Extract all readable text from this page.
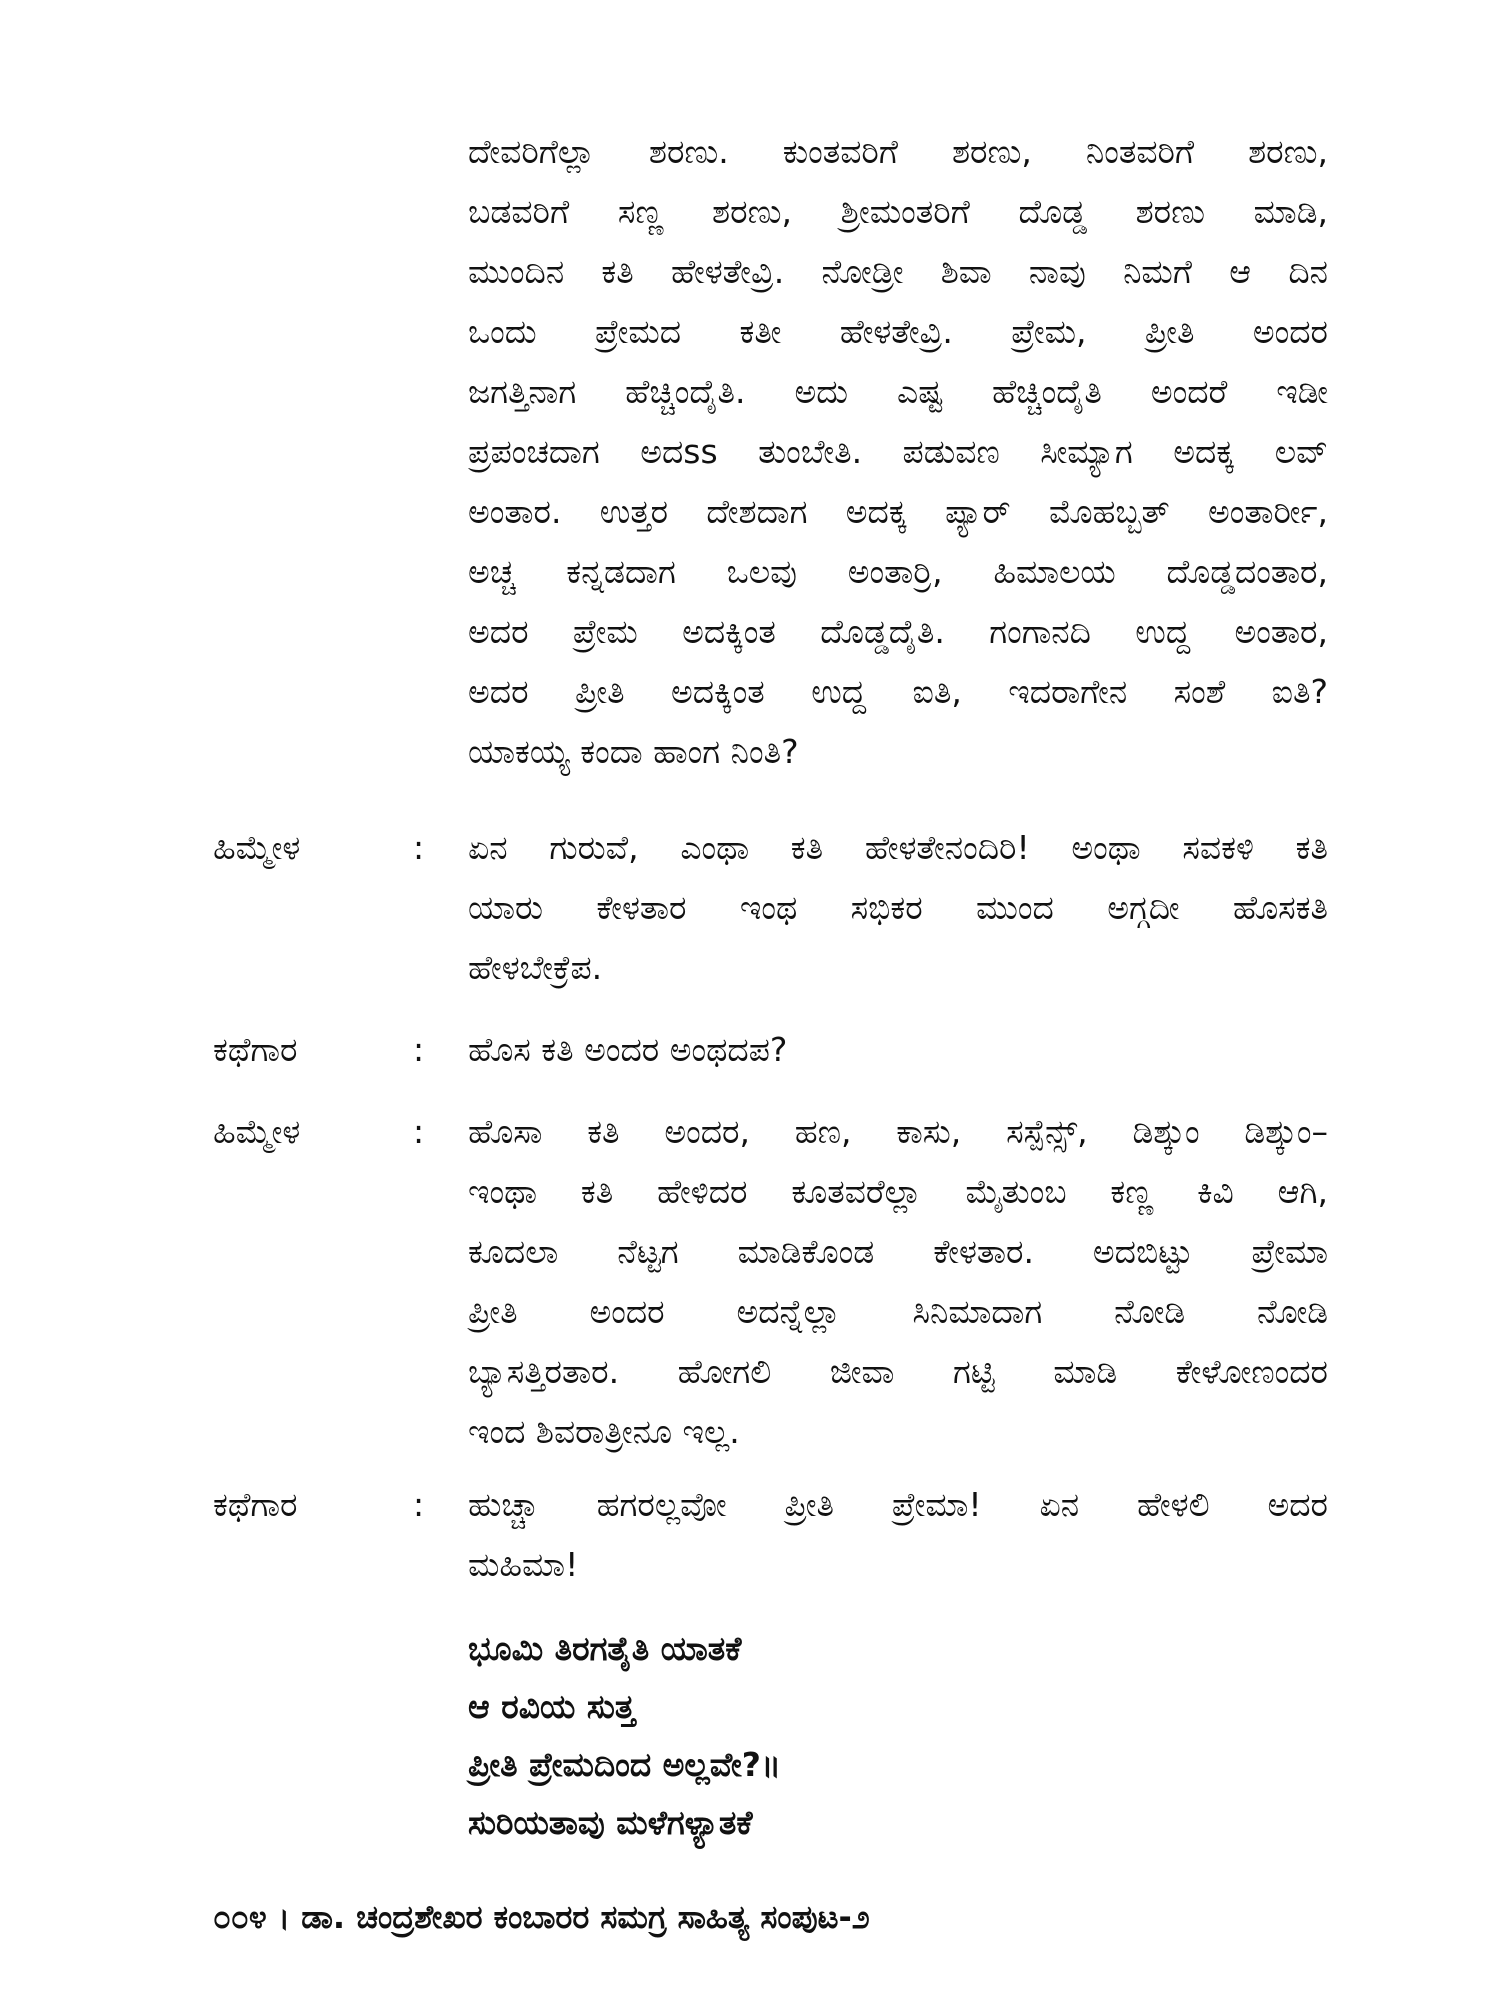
ದೇವರಿಗೆಲ್ಲಾ ಶರಣು. ಕುಂತವರಿಗೆ ಶರಣು, ನಿಂತವರಿಗೆ ಶರಣು,
ಬಡವರಿಗೆ ಸಣ್ಣ ಶರಣು, ಶ್ರೀಮಂತರಿಗೆ ದೊಡ್ಡ ಶರಣು ಮಾಡಿ,
ಮುಂದಿನ ಕತಿ ಹೇಳತೇವ್ರಿ. ನೋಡ್ರೀ ಶಿವಾ ನಾವು ನಿಮಗೆ ಆ ದಿನ
ಒಂದು ಪ್ರೇಮದ ಕತೀ ಹೇಳತೇವ್ರಿ. ಪ್ರೇಮ, ಪ್ರೀತಿ ಅಂದರ
ಜಗತ್ತಿನಾಗ ಹೆಚ್ಚಿಂದೈತಿ. ಅದು ಎಷ್ಟ ಹೆಚ್ಚಿಂದೈತಿ ಅಂದರೆ ಇಡೀ
ಪ್ರಪಂಚದಾಗ ಅದss ತುಂಬೇತಿ. ಪಡುವಣ ಸೀಮ್ಯಾಗ ಅದಕ್ಕ ಲವ್
ಅಂತಾರ. ಉತ್ತರ ದೇಶದಾಗ ಅದಕ್ಕ ಪ್ಯಾರ್ ಮೊಹಬ್ಬತ್ ಅಂತಾರ್ರೀ,
ಅಚ್ಚ ಕನ್ನಡದಾಗ ಒಲವು ಅಂತಾರ್ರಿ, ಹಿಮಾಲಯ ದೊಡ್ಡದಂತಾರ,
ಅದರ ಪ್ರೇಮ ಅದಕ್ಕಿಂತ ದೊಡ್ಡದೈತಿ. ಗಂಗಾನದಿ ಉದ್ದ ಅಂತಾರ,
ಅದರ ಪ್ರೀತಿ ಅದಕ್ಕಿಂತ ಉದ್ದ ಐತಿ, ಇದರಾಗೇನ ಸಂಶೆ ಐತಿ?
ಯಾಕಯ್ಯ ಕಂದಾ ಹಾಂಗ ನಿಂತಿ?
ಹಿಮ್ಮೇಳ	: ಏನ ಗುರುವೆ, ಎಂಥಾ ಕತಿ ಹೇಳತೇನಂದಿರಿ! ಅಂಥಾ ಸವಕಳಿ ಕತಿ
ಯಾರು ಕೇಳತಾರ ಇಂಥ ಸಭಿಕರ ಮುಂದ ಅಗ್ಗದೀ ಹೊಸಕತಿ
ಹೇಳಬೇಕ್ರೆಪ.
ಕಥೆಗಾರ	: ಹೊಸ ಕತಿ ಅಂದರ ಅಂಥದಪ?
ಹಿಮ್ಮೇಳ	: ಹೊಸಾ ಕತಿ ಅಂದರ, ಹಣ, ಕಾಸು, ಸಸ್ಪೆನ್ಸ್, ಡಿಶ್ಕುಂ ಡಿಶ್ಕುಂ–
ಇಂಥಾ ಕತಿ ಹೇಳಿದರ ಕೂತವರೆಲ್ಲಾ ಮೈತುಂಬ ಕಣ್ಣ ಕಿವಿ ಆಗಿ,
ಕೂದಲಾ ನೆಟ್ಟಗ ಮಾಡಿಕೊಂಡ ಕೇಳತಾರ. ಅದಬಿಟ್ಟು ಪ್ರೇಮಾ
ಪ್ರೀತಿ ಅಂದರ ಅದನ್ನೆಲ್ಲಾ ಸಿನಿಮಾದಾಗ ನೋಡಿ ನೋಡಿ
ಬ್ಯಾಸತ್ತಿರತಾರ. ಹೋಗಲಿ ಜೀವಾ ಗಟ್ಟಿ ಮಾಡಿ ಕೇಳೋಣಂದರ
ಇಂದ ಶಿವರಾತ್ರೀನೂ ಇಲ್ಲ.
ಕಥೆಗಾರ	: ಹುಚ್ಚಾ ಹಗರಲ್ಲವೋ ಪ್ರೀತಿ ಪ್ರೇಮಾ! ಏನ ಹೇಳಲಿ ಅದರ
ಮಹಿಮಾ!
ಭೂಮಿ ತಿರಗತೈತಿ ಯಾತಕೆ
ಆ ರವಿಯ ಸುತ್ತ
ಪ್ರೀತಿ ಪ್ರೇಮದಿಂದ ಅಲ್ಲವೇ?॥
ಸುರಿಯತಾವು ಮಳೆಗಳ್ಯಾತಕೆ
೦೦೪ । ಡಾ. ಚಂದ್ರಶೇಖರ ಕಂಬಾರರ ಸಮಗ್ರ ಸಾಹಿತ್ಯ ಸಂಪುಟ-೨
